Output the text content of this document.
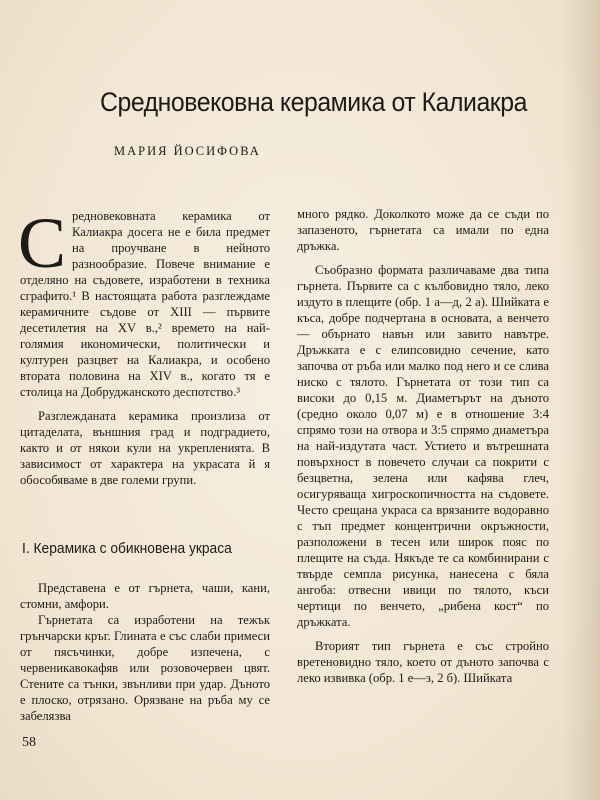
Средновековна керамика от Калиакра
МАРИЯ ЙОСИФОВА

Средновековната керамика от Калиакра досега не е била предмет на проучване в нейното разнообразие. Повече внимание е отделяно на съдовете, изработени в техника сграфито.¹ В настоящата работа разглеждаме керамичните съдове от XIII — първите десетилетия на XV в.,² времето на най-голямия икономически, политически и културен разцвет на Калиакра, и особено втората половина на XIV в., когато тя е столица на Добруджанското деспотство.³

Разглежданата керамика произлиза от цитаделата, външния град и подградието, както и от някои кули на укрепленията. В зависимост от характера на украсата й я обособяваме в две големи групи.

I. Керамика с обикновена украса

Представена е от гърнета, чаши, кани, стомни, амфори.

Гърнетата са изработени на тежък грънчарски кръг. Глината е със слаби примеси от пясъчинки, добре изпечена, с червеникавокафяв или розовочервен цвят. Стените са тънки, звънливи при удар. Дъното е плоско, отрязано. Орязване на ръба му се забелязва

много рядко. Доколкото може да се съди по запазеното, гърнетата са имали по една дръжка.

Съобразно формата различаваме два типа гърнета. Първите са с кълбовидно тяло, леко издуто в плещите (обр. 1 а—д, 2 а). Шийката е къса, добре подчертана в основата, а венчето — обърнато навън или завито навътре. Дръжката е с елипсовидно сечение, като започва от ръба или малко под него и се слива ниско с тялото. Гърнетата от този тип са високи до 0,15 м. Диаметърът на дъното (средно около 0,07 м) е в отношение 3:4 спрямо този на отвора и 3:5 спрямо диаметъра на най-издутата част. Устието и вътрешната повърхност в повечето случаи са покрити с безцветна, зелена или кафява глеч, осигуряваща хигроскопичността на съдовете. Често срещана украса са врязаните водоравно с тъп предмет концентрични окръжности, разположени в тесен или широк пояс по плещите на съда. Някъде те са комбинирани с твърде семпла рисунка, нанесена с бяла ангоба: отвесни ивици по тялото, къси чертици по венчето, „рибена кост“ по дръжката.

Вторият тип гърнета е със стройно вретеновидно тяло, което от дъното започва с леко извивка (обр. 1 е—з, 2 б). Шийката

58
